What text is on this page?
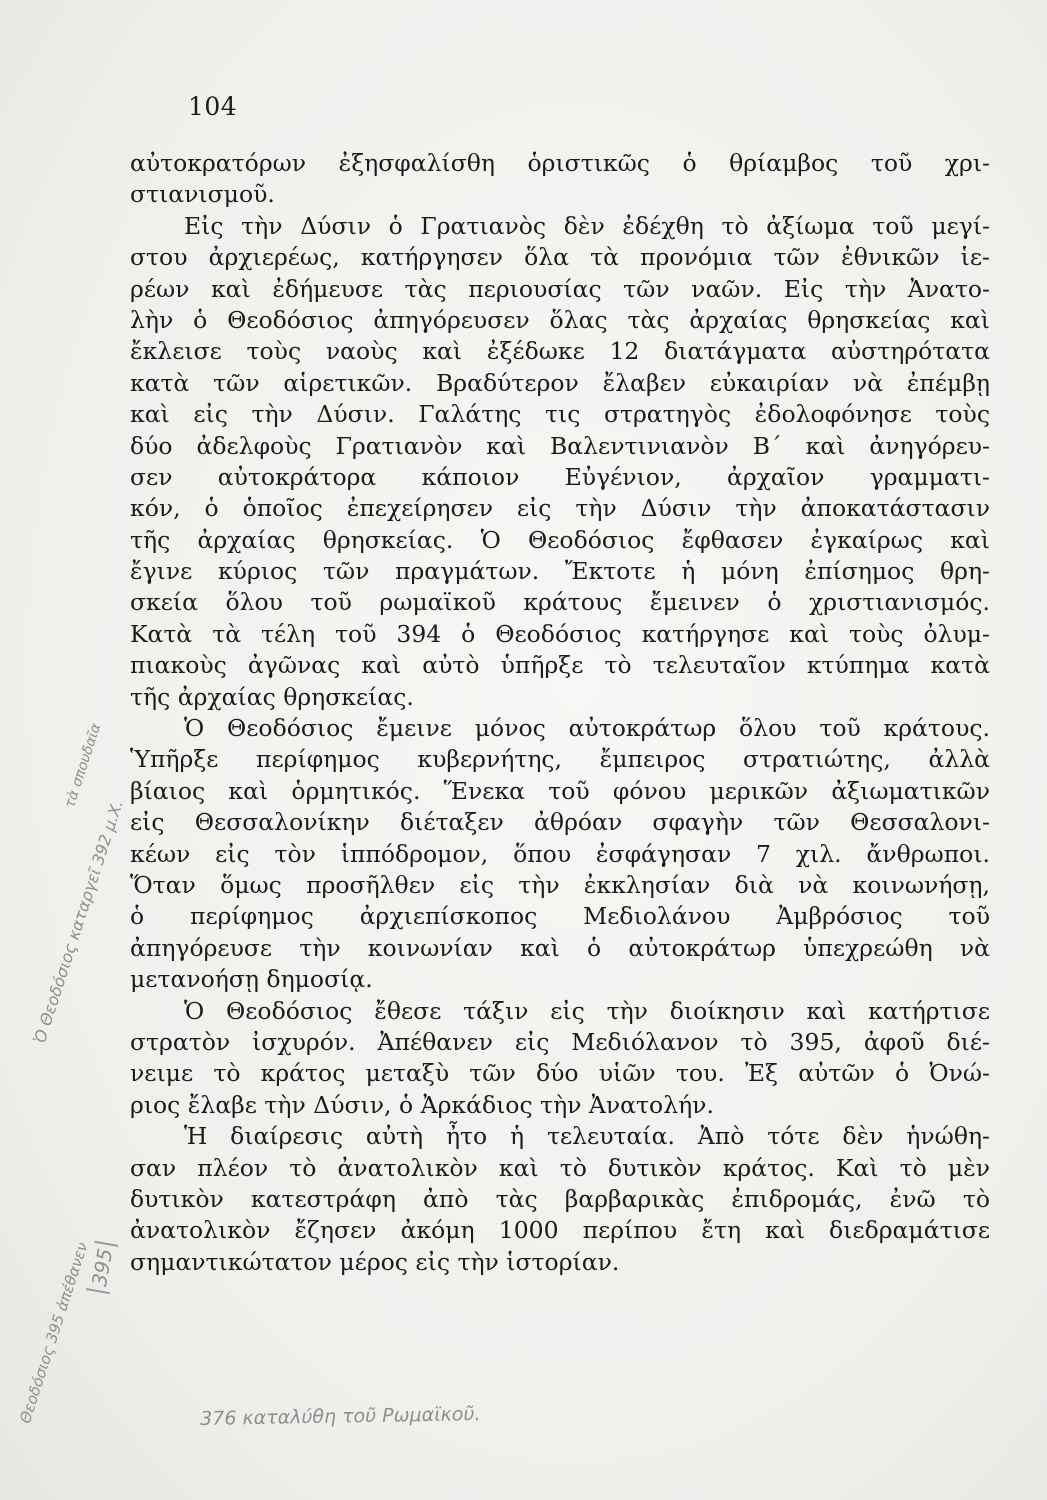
104
αὐτοκρατόρων ἐξησφαλίσθη ὁριστικῶς ὁ θρίαμβος τοῦ χρι-
στιανισμοῦ.
Εἰς τὴν Δύσιν ὁ Γρατιανὸς δὲν ἐδέχθη τὸ ἀξίωμα τοῦ μεγί-
στου ἀρχιερέως, κατήργησεν ὅλα τὰ προνόμια τῶν ἐθνικῶν ἱε-
ρέων καὶ ἐδήμευσε τὰς περιουσίας τῶν ναῶν. Εἰς τὴν Ἀνατο-
λὴν ὁ Θεοδόσιος ἀπηγόρευσεν ὅλας τὰς ἀρχαίας θρησκείας καὶ
ἔκλεισε τοὺς ναοὺς καὶ ἐξέδωκε 12 διατάγματα αὐστηρότατα
κατὰ τῶν αἱρετικῶν. Βραδύτερον ἔλαβεν εὐκαιρίαν νὰ ἐπέμβῃ
καὶ εἰς τὴν Δύσιν. Γαλάτης τις στρατηγὸς ἐδολοφόνησε τοὺς
δύο ἀδελφοὺς Γρατιανὸν καὶ Βαλεντινιανὸν Β΄ καὶ ἀνηγόρευ-
σεν αὐτοκράτορα κάποιον Εὐγένιον, ἀρχαῖον γραμματι-
κόν, ὁ ὁποῖος ἐπεχείρησεν εἰς τὴν Δύσιν τὴν ἀποκατάστασιν
τῆς ἀρχαίας θρησκείας. Ὁ Θεοδόσιος ἔφθασεν ἐγκαίρως καὶ
ἔγινε κύριος τῶν πραγμάτων. Ἔκτοτε ἡ μόνη ἐπίσημος θρη-
σκεία ὅλου τοῦ ρωμαϊκοῦ κράτους ἔμεινεν ὁ χριστιανισμός.
Κατὰ τὰ τέλη τοῦ 394 ὁ Θεοδόσιος κατήργησε καὶ τοὺς ὀλυμ-
πιακοὺς ἀγῶνας καὶ αὐτὸ ὑπῆρξε τὸ τελευταῖον κτύπημα κατὰ
τῆς ἀρχαίας θρησκείας.
Ὁ Θεοδόσιος ἔμεινε μόνος αὐτοκράτωρ ὅλου τοῦ κράτους.
Ὑπῆρξε περίφημος κυβερνήτης, ἔμπειρος στρατιώτης, ἀλλὰ
βίαιος καὶ ὁρμητικός. Ἕνεκα τοῦ φόνου μερικῶν ἀξιωματικῶν
εἰς Θεσσαλονίκην διέταξεν ἀθρόαν σφαγὴν τῶν Θεσσαλονι-
κέων εἰς τὸν ἱππόδρομον, ὅπου ἐσφάγησαν 7 χιλ. ἄνθρωποι.
Ὅταν ὅμως προσῆλθεν εἰς τὴν ἐκκλησίαν διὰ νὰ κοινωνήσῃ,
ὁ περίφημος ἀρχιεπίσκοπος Μεδιολάνου Ἀμβρόσιος τοῦ
ἀπηγόρευσε τὴν κοινωνίαν καὶ ὁ αὐτοκράτωρ ὑπεχρεώθη νὰ
μετανοήσῃ δημοσίᾳ.
Ὁ Θεοδόσιος ἔθεσε τάξιν εἰς τὴν διοίκησιν καὶ κατήρτισε
στρατὸν ἰσχυρόν. Ἀπέθανεν εἰς Μεδιόλανον τὸ 395, ἀφοῦ διέ-
νειμε τὸ κράτος μεταξὺ τῶν δύο υἱῶν του. Ἐξ αὐτῶν ὁ Ὀνώ-
ριος ἔλαβε τὴν Δύσιν, ὁ Ἀρκάδιος τὴν Ἀνατολήν.
Ἡ διαίρεσις αὐτὴ ἦτο ἡ τελευταία. Ἀπὸ τότε δὲν ἡνώθη-
σαν πλέον τὸ ἀνατολικὸν καὶ τὸ δυτικὸν κράτος. Καὶ τὸ μὲν
δυτικὸν κατεστράφη ἀπὸ τὰς βαρβαρικὰς ἐπιδρομάς, ἐνῶ τὸ
ἀνατολικὸν ἔζησεν ἀκόμη 1000 περίπου ἔτη καὶ διεδραμάτισε
σημαντικώτατον μέρος εἰς τὴν ἱστορίαν.
376 καταλύθη τοῦ Ρωμαϊκοῦ.
Ὁ Θεοδόσιος καταργεῖ 392 μ.Χ.
τὰ σπουδαῖα
Θεοδόσιος 395 ἀπέθανεν
395
